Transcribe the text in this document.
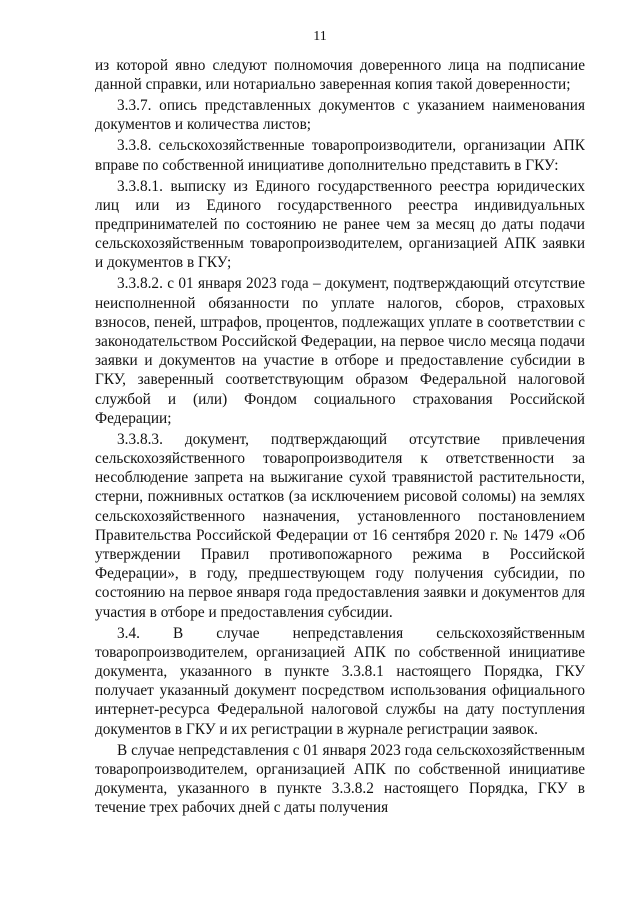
11

из которой явно следуют полномочия доверенного лица на подписание данной справки, или нотариально заверенная копия такой доверенности;

3.3.7. опись представленных документов с указанием наименования документов и количества листов;

3.3.8. сельскохозяйственные товаропроизводители, организации АПК вправе по собственной инициативе дополнительно представить в ГКУ:

3.3.8.1. выписку из Единого государственного реестра юридических лиц или из Единого государственного реестра индивидуальных предпринимателей по состоянию не ранее чем за месяц до даты подачи сельскохозяйственным товаропроизводителем, организацией АПК заявки и документов в ГКУ;

3.3.8.2. с 01 января 2023 года – документ, подтверждающий отсутствие неисполненной обязанности по уплате налогов, сборов, страховых взносов, пеней, штрафов, процентов, подлежащих уплате в соответствии с законодательством Российской Федерации, на первое число месяца подачи заявки и документов на участие в отборе и предоставление субсидии в ГКУ, заверенный соответствующим образом Федеральной налоговой службой и (или) Фондом социального страхования Российской Федерации;

3.3.8.3. документ, подтверждающий отсутствие привлечения сельскохозяйственного товаропроизводителя к ответственности за несоблюдение запрета на выжигание сухой травянистой растительности, стерни, пожнивных остатков (за исключением рисовой соломы) на землях сельскохозяйственного назначения, установленного постановлением Правительства Российской Федерации от 16 сентября 2020 г. № 1479 «Об утверждении Правил противопожарного режима в Российской Федерации», в году, предшествующем году получения субсидии, по состоянию на первое января года предоставления заявки и документов для участия в отборе и предоставления субсидии.

3.4. В случае непредставления сельскохозяйственным товаропроизводителем, организацией АПК по собственной инициативе документа, указанного в пункте 3.3.8.1 настоящего Порядка, ГКУ получает указанный документ посредством использования официального интернет-ресурса Федеральной налоговой службы на дату поступления документов в ГКУ и их регистрации в журнале регистрации заявок.

В случае непредставления с 01 января 2023 года сельскохозяйственным товаропроизводителем, организацией АПК по собственной инициативе документа, указанного в пункте 3.3.8.2 настоящего Порядка, ГКУ в течение трех рабочих дней с даты получения
